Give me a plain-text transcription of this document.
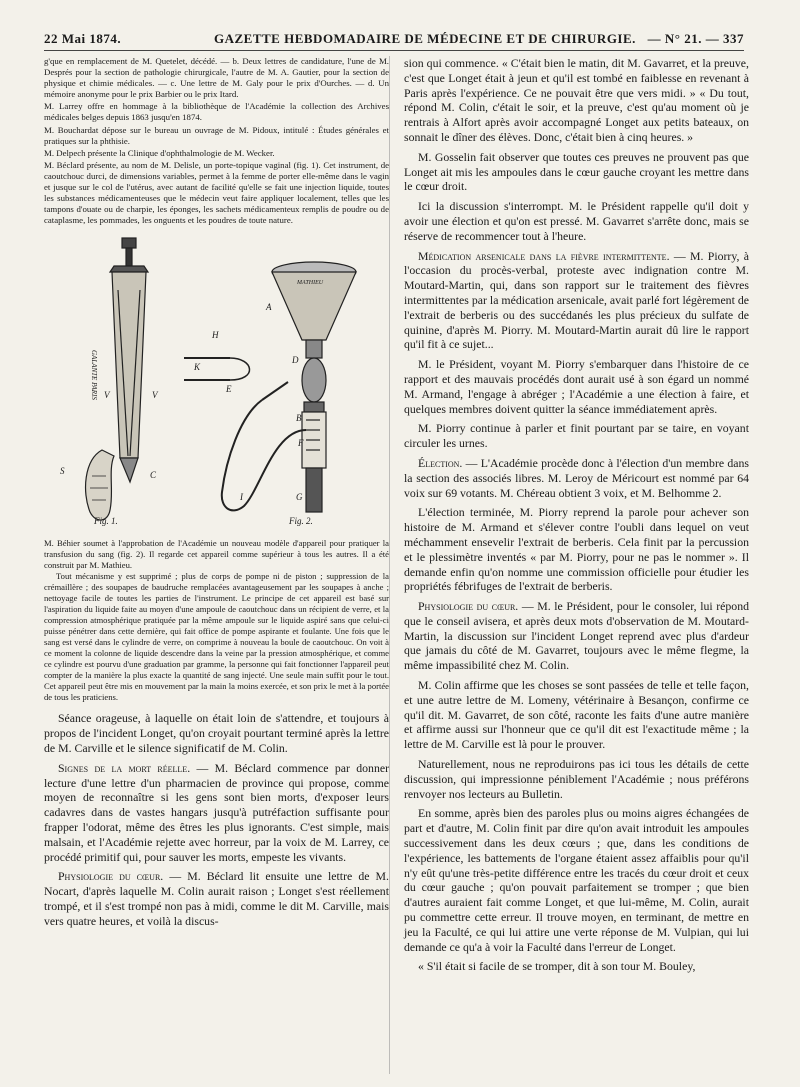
22 Mai 1874.	GAZETTE HEBDOMADAIRE DE MÉDECINE ET DE CHIRURGIE. — N° 21. — 337

g'que en remplacement de M. Quetelet, décédé. — b. Deux lettres de candidature, l'une de M. Després pour la section de pathologie chirurgicale, l'autre de M. A. Gautier, pour la section de physique et chimie médicales. — c. Une lettre de M. Galy pour le prix d'Ourches. — d. Un mémoire anonyme pour le prix Barbier ou le prix Itard.

M. Larrey offre en hommage à la bibliothèque de l'Académie la collection des Archives médicales belges depuis 1863 jusqu'en 1874.

M. Bouchardat dépose sur le bureau un ouvrage de M. Pidoux, intitulé : Études générales et pratiques sur la phthisie.

M. Delpech présente la Clinique d'ophthalmologie de M. Wecker.

M. Béclard présente, au nom de M. Delisle, un porte-topique vaginal (fig. 1). Cet instrument, de caoutchouc durci, de dimensions variables, permet à la femme de porter elle-même dans le vagin et jusque sur le col de l'utérus, avec autant de facilité qu'elle se fait une injection liquide, toutes les substances médicamenteuses que le médecin veut faire appliquer localement, telles que les tampons d'ouate ou de charpie, les éponges, les sachets médicamenteux remplis de poudre ou de cataplasme, les pommades, les onguents et les poudres de toute nature.

Fig. 1.	Fig. 2.
GALANTE PARIS
MATHIEU
A
B
C
D
E
F
G
H
I
K
V	V
S

M. Béhier soumet à l'approbation de l'Académie un nouveau modèle d'appareil pour pratiquer la transfusion du sang (fig. 2). Il regarde cet appareil comme supérieur à tous les autres. Il a été construit par M. Mathieu.

Tout mécanisme y est supprimé ; plus de corps de pompe ni de piston ; suppression de la crémaillère ; des soupapes de baudruche remplacées avantageusement par les soupapes à anche ; nettoyage facile de toutes les parties de l'instrument. Le principe de cet appareil est basé sur l'aspiration du liquide faite au moyen d'une ampoule de caoutchouc dans un récipient de verre, et la compression atmosphérique pratiquée par la même ampoule sur le liquide aspiré sans que celui-ci puisse pénétrer dans cette dernière, qui fait office de pompe aspirante et foulante. Une fois que le sang est versé dans le cylindre de verre, on comprime à nouveau la boule de caoutchouc. On voit à ce moment la colonne de liquide descendre dans la veine par la pression atmosphérique, et comme ce cylindre est pourvu d'une graduation par gramme, la personne qui fait fonctionner l'appareil peut compter de la manière la plus exacte la quantité de sang injecté. Une seule main suffit pour le tout. Cet appareil peut être mis en mouvement par la main la moins exercée, et son prix le met à la portée de tous les praticiens.

Séance orageuse, à laquelle on était loin de s'attendre, et toujours à propos de l'incident Longet, qu'on croyait pourtant terminé après la lettre de M. Carville et le silence significatif de M. Colin.

Signes de la mort réelle. — M. Béclard commence par donner lecture d'une lettre d'un pharmacien de province qui propose, comme moyen de reconnaître si les gens sont bien morts, d'exposer leurs cadavres dans de vastes hangars jusqu'à putréfaction suffisante pour frapper l'odorat, même des êtres les plus ignorants. C'est simple, mais malsain, et l'Académie rejette avec horreur, par la voix de M. Larrey, ce procédé primitif qui, pour sauver les morts, empeste les vivants.

Physiologie du cœur. — M. Béclard lit ensuite une lettre de M. Nocart, d'après laquelle M. Colin aurait raison ; Longet s'est réellement trompé, et il s'est trompé non pas à midi, comme le dit M. Carville, mais vers quatre heures, et voilà la discus-

sion qui commence. « C'était bien le matin, dit M. Gavarret, et la preuve, c'est que Longet était à jeun et qu'il est tombé en faiblesse en revenant à Paris après l'expérience. Ce ne pouvait être que vers midi. » « Du tout, répond M. Colin, c'était le soir, et la preuve, c'est qu'au moment où je rentrais à Alfort après avoir accompagné Longet aux petits bateaux, on sonnait le dîner des élèves. Donc, c'était bien à cinq heures. »

M. Gosselin fait observer que toutes ces preuves ne prouvent pas que Longet ait mis les ampoules dans le cœur gauche croyant les mettre dans le cœur droit.

Ici la discussion s'interrompt. M. le Président rappelle qu'il doit y avoir une élection et qu'on est pressé. M. Gavarret s'arrête donc, mais se réserve de recommencer tout à l'heure.

Médication arsenicale dans la fièvre intermittente. — M. Piorry, à l'occasion du procès-verbal, proteste avec indignation contre M. Moutard-Martin, qui, dans son rapport sur le traitement des fièvres intermittentes par la médication arsenicale, avait parlé fort légèrement de l'extrait de berberis ou des succédanés les plus précieux du sulfate de quinine, d'après M. Piorry. M. Moutard-Martin aurait dû lire le rapport qu'il fit à ce sujet...

M. le Président, voyant M. Piorry s'embarquer dans l'histoire de ce rapport et des mauvais procédés dont aurait usé à son égard un nommé M. Armand, l'engage à abréger ; l'Académie a une élection à faire, et quelques membres doivent quitter la séance immédiatement après.

M. Piorry continue à parler et finit pourtant par se taire, en voyant circuler les urnes.

Élection. — L'Académie procède donc à l'élection d'un membre dans la section des associés libres. M. Leroy de Méricourt est nommé par 64 voix sur 69 votants. M. Chéreau obtient 3 voix, et M. Belhomme 2.

L'élection terminée, M. Piorry reprend la parole pour achever son histoire de M. Armand et s'élever contre l'oubli dans lequel on veut méchamment ensevelir l'extrait de berberis. Cela finit par la percussion et le plessimètre inventés « par M. Piorry, pour ne pas le nommer ». Il demande enfin qu'on nomme une commission officielle pour étudier les propriétés fébrifuges de l'extrait de berberis.

Physiologie du cœur. — M. le Président, pour le consoler, lui répond que le conseil avisera, et après deux mots d'observation de M. Moutard-Martin, la discussion sur l'incident Longet reprend avec plus d'ardeur que jamais du côté de M. Gavarret, toujours avec le même flegme, la même impassibilité chez M. Colin.

M. Colin affirme que les choses se sont passées de telle et telle façon, et une autre lettre de M. Lomeny, vétérinaire à Besançon, confirme ce qu'il dit. M. Gavarret, de son côté, raconte les faits d'une autre manière et affirme aussi sur l'honneur que ce qu'il dit est l'exactitude même ; la lettre de M. Carville est là pour le prouver.

Naturellement, nous ne reproduirons pas ici tous les détails de cette discussion, qui impressionne péniblement l'Académie ; nous préférons renvoyer nos lecteurs au Bulletin.

En somme, après bien des paroles plus ou moins aigres échangées de part et d'autre, M. Colin finit par dire qu'on avait introduit les ampoules successivement dans les deux cœurs ; que, dans les conditions de l'expérience, les battements de l'organe étaient assez affaiblis pour qu'il n'y eût qu'une très-petite différence entre les tracés du cœur droit et ceux du cœur gauche ; qu'on pouvait parfaitement se tromper ; que bien d'autres auraient fait comme Longet, et que lui-même, M. Colin, aurait pu commettre cette erreur. Il trouve moyen, en terminant, de mettre en jeu la Faculté, ce qui lui attire une verte réponse de M. Vulpian, qui lui demande ce qu'a à voir la Faculté dans l'erreur de Longet.

« S'il était si facile de se tromper, dit à son tour M. Bouley,
